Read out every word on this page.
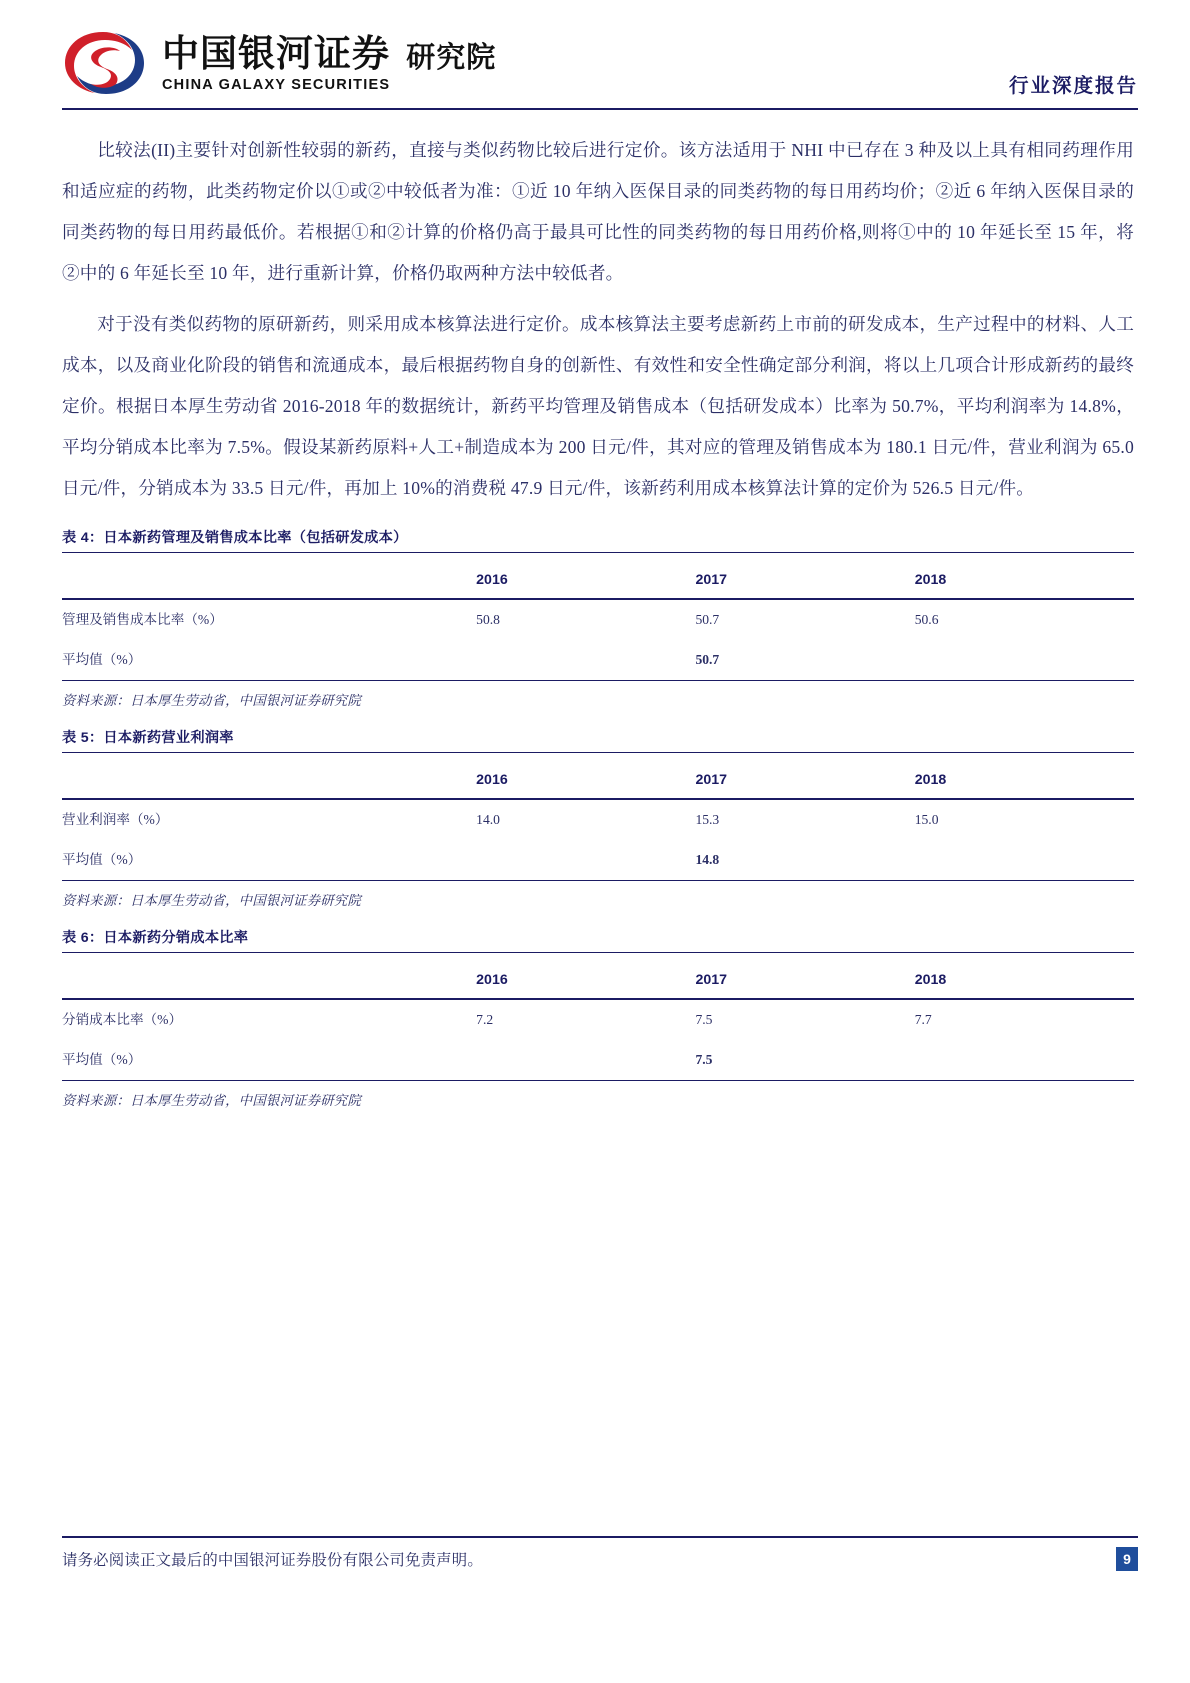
中国银河证券
CHINA GALAXY SECURITIES
研究院
行业深度报告

比较法(II)主要针对创新性较弱的新药，直接与类似药物比较后进行定价。该方法适用于 NHI 中已存在 3 种及以上具有相同药理作用和适应症的药物，此类药物定价以①或②中较低者为准：①近 10 年纳入医保目录的同类药物的每日用药均价；②近 6 年纳入医保目录的同类药物的每日用药最低价。若根据①和②计算的价格仍高于最具可比性的同类药物的每日用药价格,则将①中的 10 年延长至 15 年，将②中的 6 年延长至 10 年，进行重新计算，价格仍取两种方法中较低者。

对于没有类似药物的原研新药，则采用成本核算法进行定价。成本核算法主要考虑新药上市前的研发成本，生产过程中的材料、人工成本，以及商业化阶段的销售和流通成本，最后根据药物自身的创新性、有效性和安全性确定部分利润，将以上几项合计形成新药的最终定价。根据日本厚生劳动省 2016-2018 年的数据统计，新药平均管理及销售成本（包括研发成本）比率为 50.7%，平均利润率为 14.8%，平均分销成本比率为 7.5%。假设某新药原料+人工+制造成本为 200 日元/件，其对应的管理及销售成本为 180.1 日元/件，营业利润为 65.0 日元/件，分销成本为 33.5 日元/件，再加上 10%的消费税 47.9 日元/件，该新药利用成本核算法计算的定价为 526.5 日元/件。

表 4：日本新药管理及销售成本比率（包括研发成本）
	2016	2017	2018
管理及销售成本比率（%）	50.8	50.7	50.6
平均值（%）		50.7	
资料来源：日本厚生劳动省，中国银河证券研究院
表 5：日本新药营业利润率
	2016	2017	2018
营业利润率（%）	14.0	15.3	15.0
平均值（%）		14.8	
资料来源：日本厚生劳动省，中国银河证券研究院
表 6：日本新药分销成本比率
	2016	2017	2018
分销成本比率（%）	7.2	7.5	7.7
平均值（%）		7.5	
资料来源：日本厚生劳动省，中国银河证券研究院
请务必阅读正文最后的中国银河证券股份有限公司免责声明。	9
